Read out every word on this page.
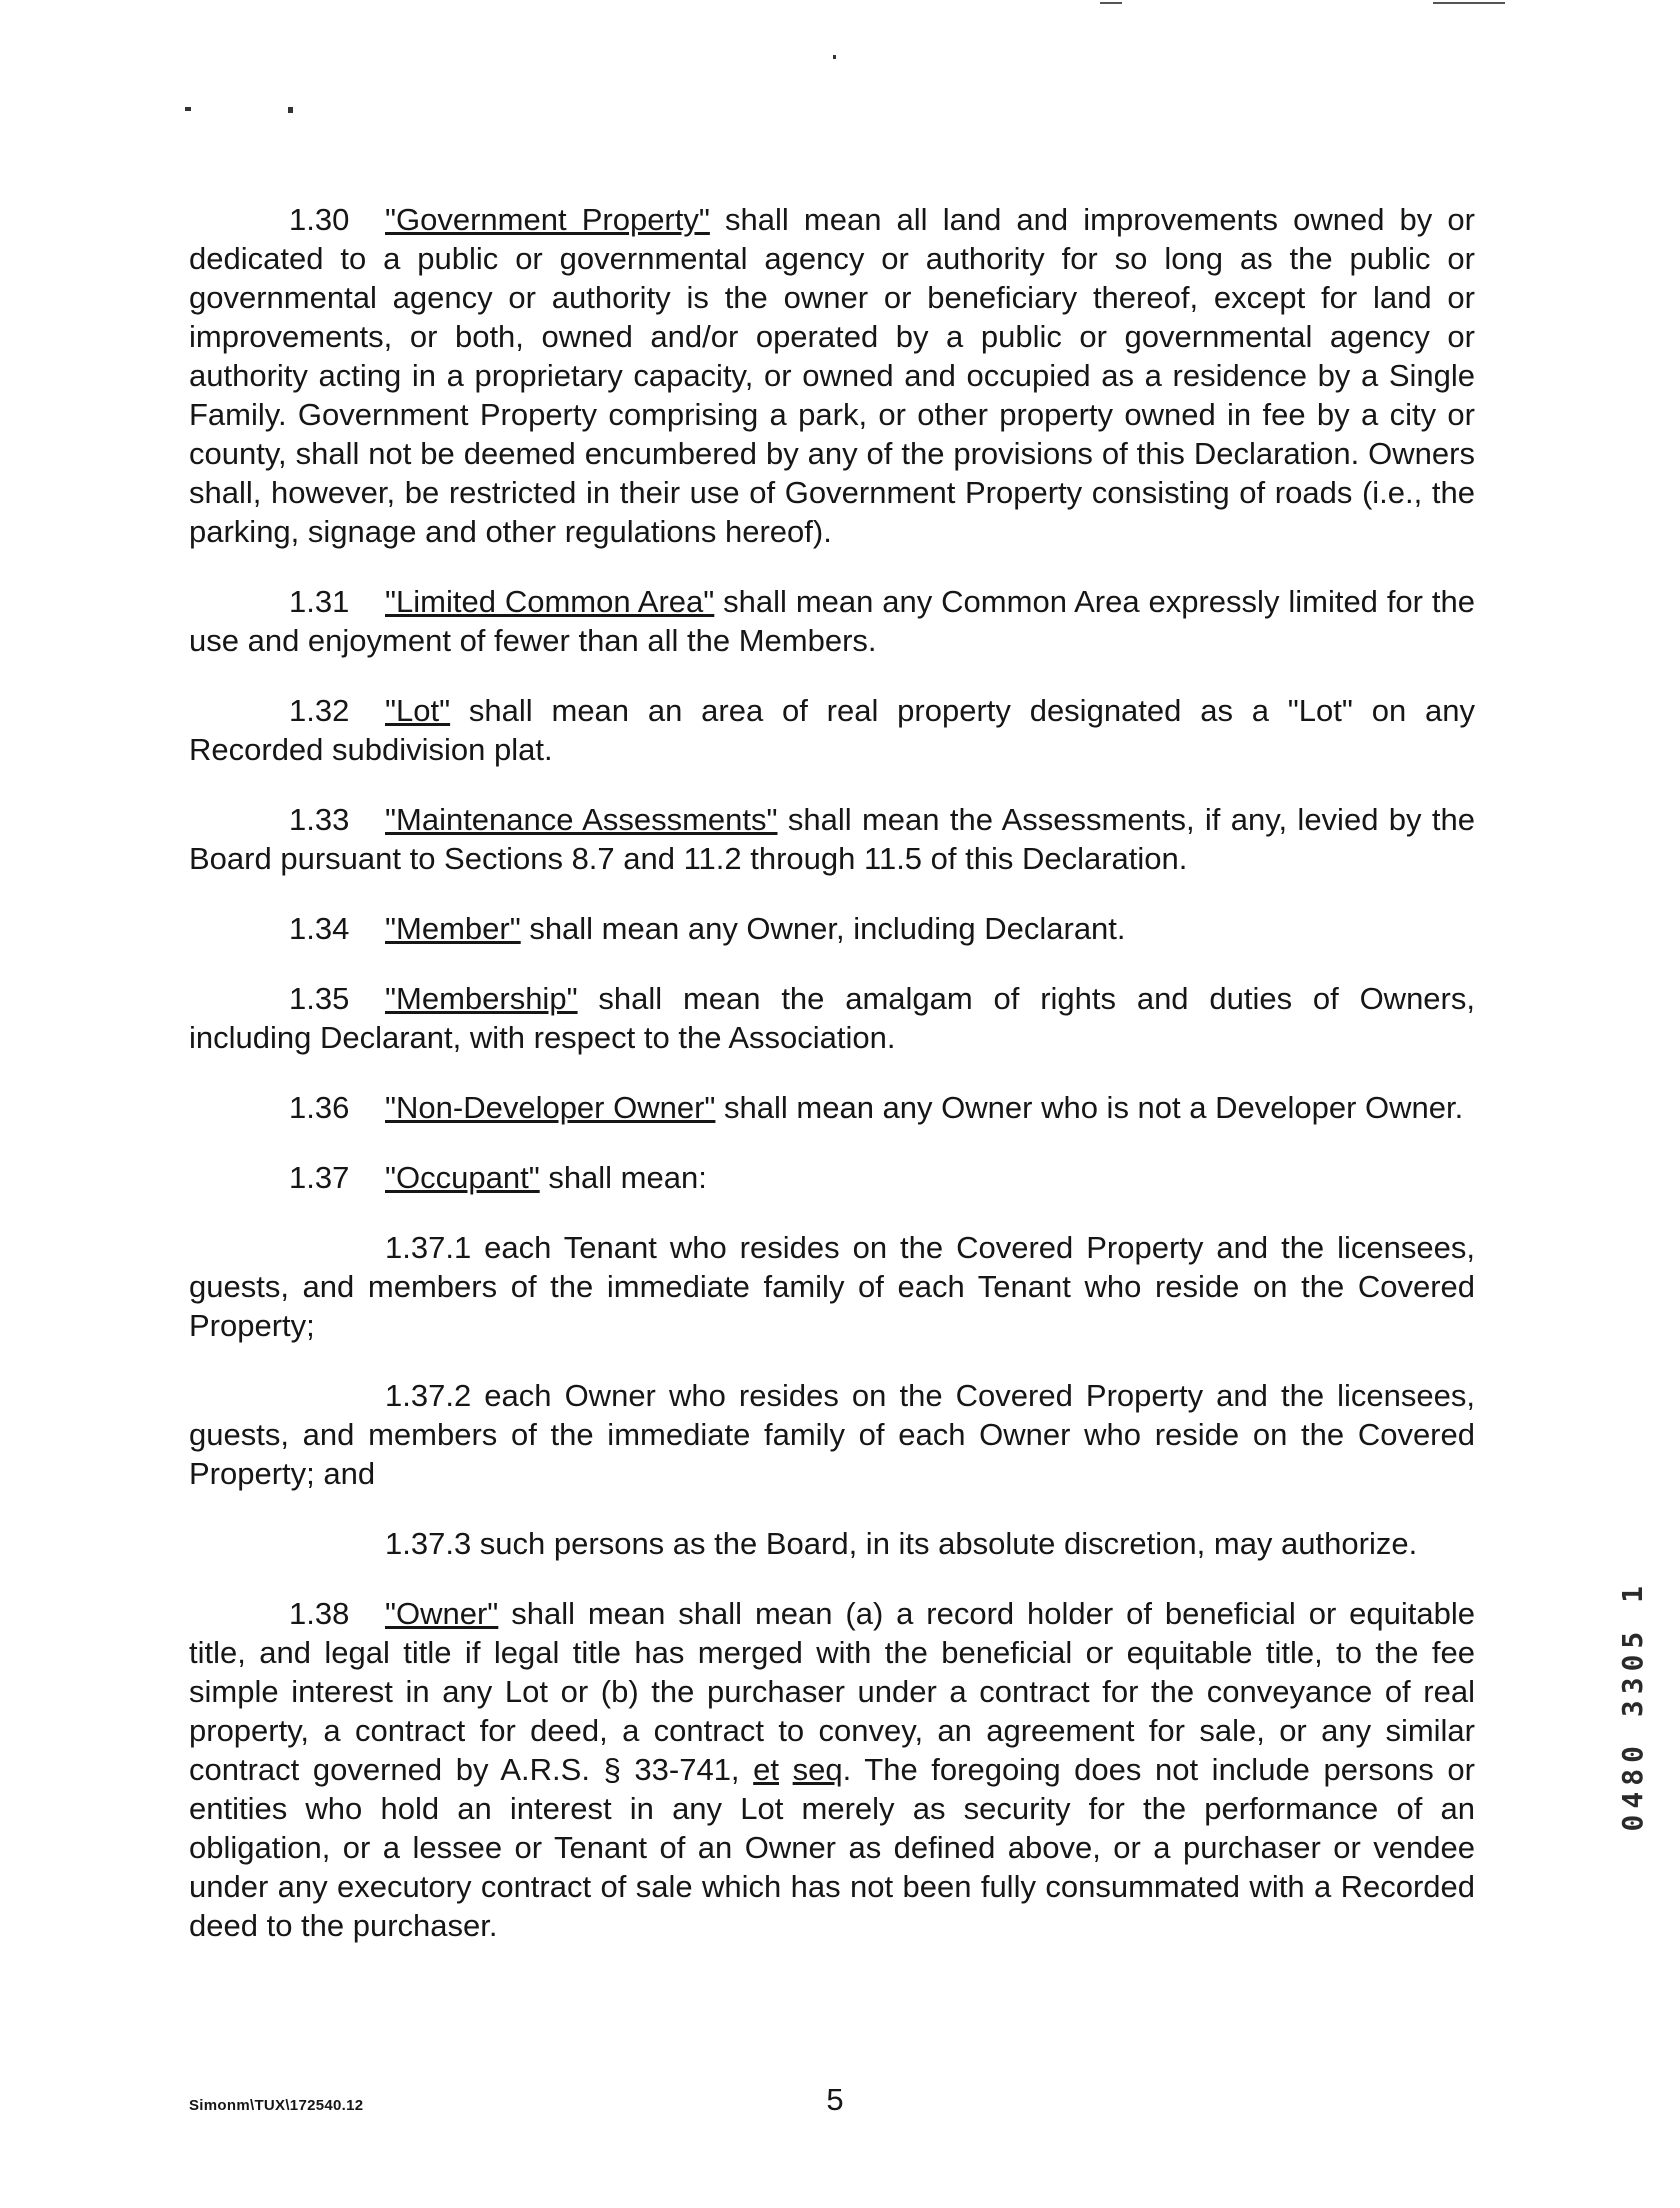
1.30 "Government Property" shall mean all land and improvements owned by or dedicated to a public or governmental agency or authority for so long as the public or governmental agency or authority is the owner or beneficiary thereof, except for land or improvements, or both, owned and/or operated by a public or governmental agency or authority acting in a proprietary capacity, or owned and occupied as a residence by a Single Family. Government Property comprising a park, or other property owned in fee by a city or county, shall not be deemed encumbered by any of the provisions of this Declaration. Owners shall, however, be restricted in their use of Government Property consisting of roads (i.e., the parking, signage and other regulations hereof).

1.31 "Limited Common Area" shall mean any Common Area expressly limited for the use and enjoyment of fewer than all the Members.

1.32 "Lot" shall mean an area of real property designated as a "Lot" on any Recorded subdivision plat.

1.33 "Maintenance Assessments" shall mean the Assessments, if any, levied by the Board pursuant to Sections 8.7 and 11.2 through 11.5 of this Declaration.

1.34 "Member" shall mean any Owner, including Declarant.

1.35 "Membership" shall mean the amalgam of rights and duties of Owners, including Declarant, with respect to the Association.

1.36 "Non-Developer Owner" shall mean any Owner who is not a Developer Owner.

1.37 "Occupant" shall mean:

1.37.1 each Tenant who resides on the Covered Property and the licensees, guests, and members of the immediate family of each Tenant who reside on the Covered Property;

1.37.2 each Owner who resides on the Covered Property and the licensees, guests, and members of the immediate family of each Owner who reside on the Covered Property; and

1.37.3 such persons as the Board, in its absolute discretion, may authorize.

1.38 "Owner" shall mean shall mean (a) a record holder of beneficial or equitable title, and legal title if legal title has merged with the beneficial or equitable title, to the fee simple interest in any Lot or (b) the purchaser under a contract for the conveyance of real property, a contract for deed, a contract to convey, an agreement for sale, or any similar contract governed by A.R.S. § 33-741, et seq. The foregoing does not include persons or entities who hold an interest in any Lot merely as security for the performance of an obligation, or a lessee or Tenant of an Owner as defined above, or a purchaser or vendee under any executory contract of sale which has not been fully consummated with a Recorded deed to the purchaser.

0480 3305 1
Simonm\TUX\172540.12	5
